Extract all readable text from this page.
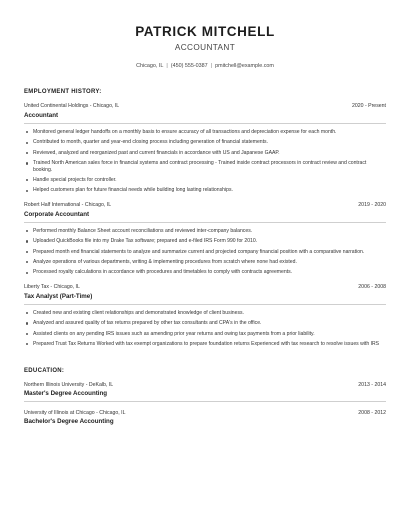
PATRICK MITCHELL
ACCOUNTANT
Chicago, IL | (450) 555-0387 | pmitchell@example.com
EMPLOYMENT HISTORY:
United Continental Holdings - Chicago, IL	2020 - Present
Accountant
Monitored general ledger handoffs on a monthly basis to ensure accuracy of all transactions and depreciation expense for each month.
Contributed to month, quarter and year-end closing process including generation of financial statements.
Reviewed, analyzed and reorganized past and current financials in accordance with US and Japanese GAAP.
Trained North American sales force in financial systems and contract processing - Trained inside contract processors in contract review and contract booking.
Handle special projects for controller.
Helped customers plan for future financial needs while building long lasting relationships.
Robert Half International - Chicago, IL	2019 - 2020
Corporate Accountant
Performed monthly Balance Sheet account reconciliations and reviewed inter-company balances.
Uploaded QuickBooks file into my Drake Tax software; prepared and e-filed IRS Form 990 for 2010.
Prepared month end financial statements to analyze and summarize current and projected company financial position with a comparative narration.
Analyze operations of various departments, writing & implementing procedures from scratch where none had existed.
Processed royalty calculations in accordance with procedures and timetables to comply with contracts agreements.
Liberty Tax - Chicago, IL	2006 - 2008
Tax Analyst (Part-Time)
Created new and existing client relationships and demonstrated knowledge of client business.
Analyzed and assured quality of tax returns prepared by other tax consultants and CPA's in the office.
Assisted clients on any pending IRS issues such as amending prior year returns and owing tax payments from a prior liability.
Prepared Trust Tax Returns Worked with tax exempt organizations to prepare foundation returns Experienced with tax research to resolve issues with IRS
EDUCATION:
Northern Illinois University - DeKalb, IL	2013 - 2014
Master's Degree Accounting
University of Illinois at Chicago - Chicago, IL	2008 - 2012
Bachelor's Degree Accounting
